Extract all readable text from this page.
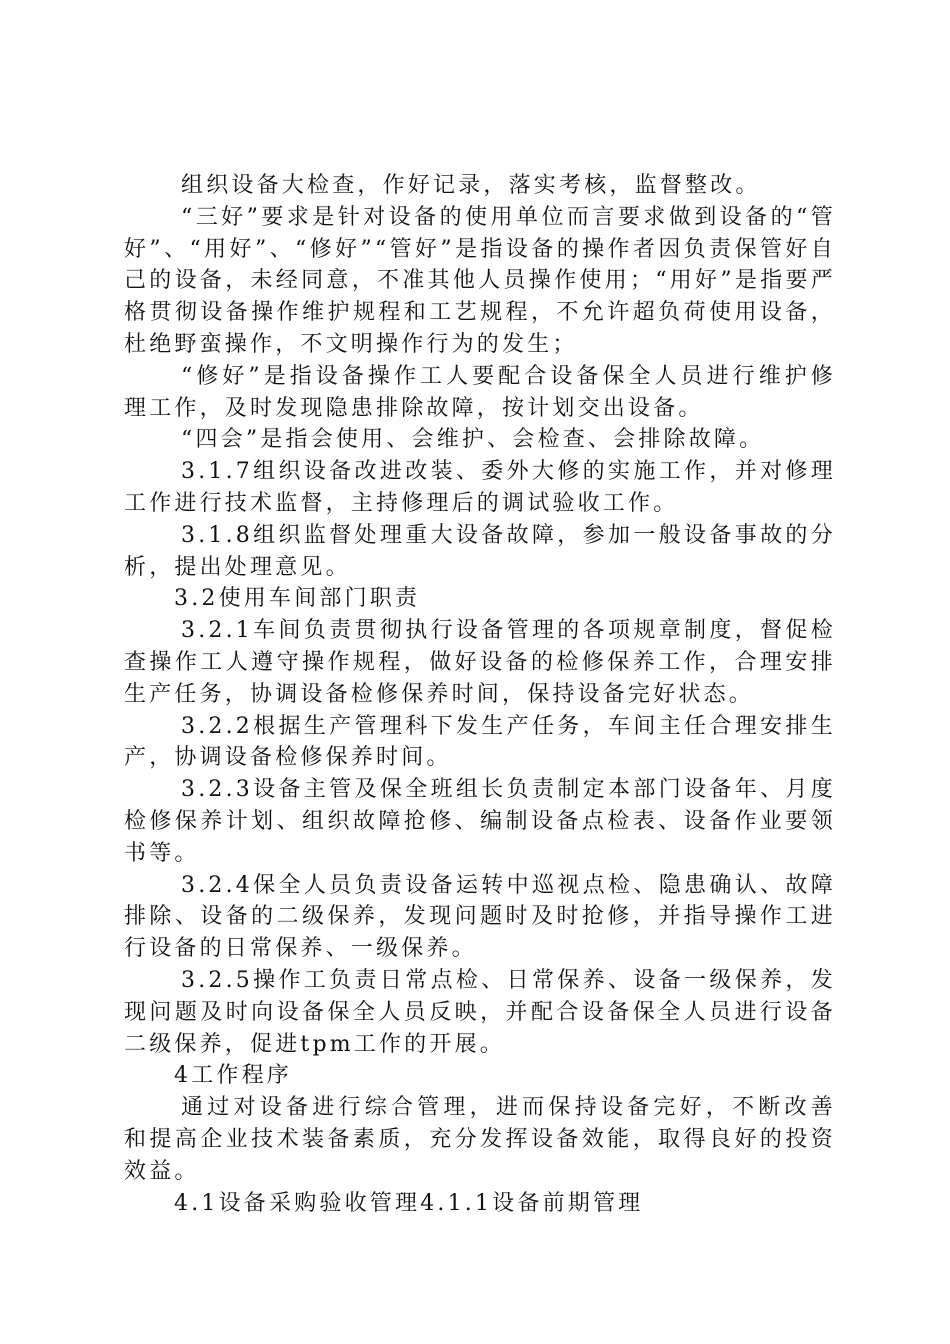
组织设备大检查，作好记录，落实考核，监督整改。

“三好”要求是针对设备的使用单位而言要求做到设备的“管好”、“用好”、“修好”“管好”是指设备的操作者因负责保管好自己的设备，未经同意，不准其他人员操作使用；“用好”是指要严格贯彻设备操作维护规程和工艺规程，不允许超负荷使用设备，杜绝野蛮操作，不文明操作行为的发生；

“修好”是指设备操作工人要配合设备保全人员进行维护修理工作，及时发现隐患排除故障，按计划交出设备。

“四会”是指会使用、会维护、会检查、会排除故障。

3.1.7组织设备改进改装、委外大修的实施工作，并对修理工作进行技术监督，主持修理后的调试验收工作。

3.1.8组织监督处理重大设备故障，参加一般设备事故的分析，提出处理意见。

3.2使用车间部门职责

3.2.1车间负责贯彻执行设备管理的各项规章制度，督促检查操作工人遵守操作规程，做好设备的检修保养工作，合理安排生产任务，协调设备检修保养时间，保持设备完好状态。

3.2.2根据生产管理科下发生产任务，车间主任合理安排生产，协调设备检修保养时间。

3.2.3设备主管及保全班组长负责制定本部门设备年、月度检修保养计划、组织故障抢修、编制设备点检表、设备作业要领书等。

3.2.4保全人员负责设备运转中巡视点检、隐患确认、故障排除、设备的二级保养，发现问题时及时抢修，并指导操作工进行设备的日常保养、一级保养。

3.2.5操作工负责日常点检、日常保养、设备一级保养，发现问题及时向设备保全人员反映，并配合设备保全人员进行设备二级保养，促进tpm工作的开展。

4工作程序

通过对设备进行综合管理，进而保持设备完好，不断改善和提高企业技术装备素质，充分发挥设备效能，取得良好的投资效益。

4.1设备采购验收管理4.1.1设备前期管理
